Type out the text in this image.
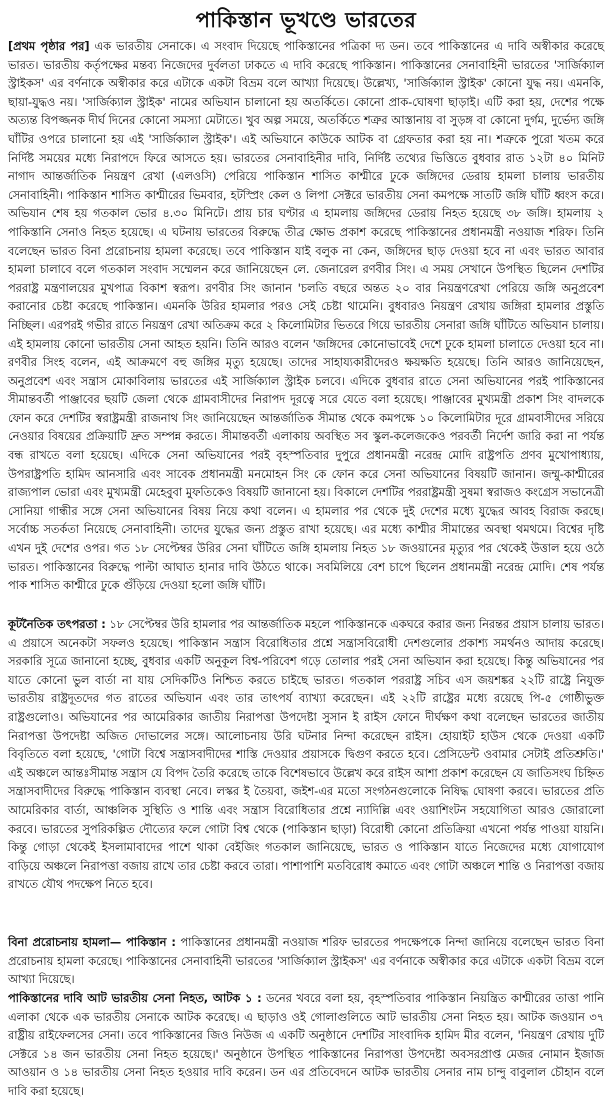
পাকিস্তান ভূখণ্ডে ভারতের

[প্রথম পৃষ্ঠার পর] এক ভারতীয় সেনাকে। এ সংবাদ দিয়েছে পাকিস্তানের পত্রিকা দ্য ডন। তবে পাকিস্তানের এ দাবি অস্বীকার করেছে ভারত। ভারতীয় কর্তৃপক্ষের মন্তব্য নিজেদের দুর্বলতা ঢাকতে এ দাবি করেছে পাকিস্তান। পাকিস্তানের সেনাবাহিনী ভারতের 'সার্জিক্যাল স্ট্রাইকস' এর বর্ণনাকে অস্বীকার করে এটাকে একটা বিভ্রম বলে আখ্যা দিয়েছে। উল্লেখ্য, 'সার্জিক্যাল স্ট্রাইক' কোনো যুদ্ধ নয়। এমনকি, ছায়া-যুদ্ধও নয়। 'সার্জিক্যাল স্ট্রাইক' নামের অভিযান চালানো হয় অতর্কিতে। কোনো প্রাক-ঘোষণা ছাড়াই। এটি করা হয়, দেশের পক্ষে অত্যন্ত বিপজ্জনক দীর্ঘ দিনের কোনো সমস্যা মেটাতে। খুব অল্প সময়ে, অতর্কিতে শত্রুর আস্তানায় বা সুড়ঙ্গ বা কোনো দুর্গম, দুর্ভেদ্য জঙ্গি ঘাঁটির ওপরে চালানো হয় এই 'সার্জিক্যাল স্ট্রাইক'। এই অভিযানে কাউকে আটক বা গ্রেফতার করা হয় না। শত্রুকে পুরো খতম করে নির্দিষ্ট সময়ের মধ্যে নিরাপদে ফিরে আসতে হয়। ভারতের সেনাবাহিনীর দাবি, নির্দিষ্ট তথ্যের ভিত্তিতে বুধবার রাত ১২টা ৪০ মিনিট নাগাদ আন্তর্জাতিক নিয়ন্ত্রণ রেখা (এলওসি) পেরিয়ে পাকিস্তান শাসিত কাশ্মীরে ঢুকে জঙ্গিদের ডেরায় হামলা চালায় ভারতীয় সেনাবাহিনী। পাকিস্তান শাসিত কাশ্মীরের ভিমবার, হটস্প্রিং কেল ও লিপা সেক্টরে ভারতীয় সেনা কমপক্ষে সাতটি জঙ্গি ঘাঁটি ধ্বংস করে। অভিযান শেষ হয় গতকাল ভোর ৪.৩০ মিনিটে। প্রায় চার ঘণ্টার এ হামলায় জঙ্গিদের ডেরায় নিহত হয়েছে ৩৮ জঙ্গি। হামলায় ২ পাকিস্তানি সেনাও নিহত হয়েছে। এ ঘটনায় ভারতের বিরুদ্ধে তীব্র ক্ষোভ প্রকাশ করেছে পাকিস্তানের প্রধানমন্ত্রী নওয়াজ শরিফ। তিনি বলেছেন ভারত বিনা প্ররোচনায় হামলা করেছে। তবে পাকিস্তান যাই বলুক না কেন, জঙ্গিদের ছাড় দেওয়া হবে না এবং ভারত আবার হামলা চালাবে বলে গতকাল সংবাদ সম্মেলন করে জানিয়েছেন লে. জেনারেল রণবীর সিং। এ সময় সেখানে উপস্থিত ছিলেন দেশটির পররাষ্ট্র মন্ত্রণালয়ের মুখপাত্র বিকাশ স্বরূপ। রণবীর সিং জানান 'চলতি বছরে অন্তত ২০ বার নিয়ন্ত্রণরেখা পেরিয়ে জঙ্গি অনুপ্রবেশ করানোর চেষ্টা করেছে পাকিস্তান। এমনকি উরির হামলার পরও সেই চেষ্টা থামেনি। বুধবারও নিয়ন্ত্রণ রেখায় জঙ্গিরা হামলার প্রস্তুতি নিচ্ছিল। এরপরই গভীর রাতে নিয়ন্ত্রণ রেখা অতিক্রম করে ২ কিলোমিটার ভিতরে গিয়ে ভারতীয় সেনারা জঙ্গি ঘাঁটিতে অভিযান চালায়। এই হামলায় কোনো ভারতীয় সেনা আহত হয়নি। তিনি আরও বলেন 'জঙ্গিদের কোনোভাবেই দেশে ঢুকে হামলা চালাতে দেওয়া হবে না। রণবীর সিংহ বলেন, এই আক্রমণে বহু জঙ্গির মৃত্যু হয়েছে। তাদের সাহায্যকারীদেরও ক্ষয়ক্ষতি হয়েছে। তিনি আরও জানিয়েছেন, অনুপ্রবেশ এবং সন্ত্রাস মোকাবিলায় ভারতের এই সার্জিক্যাল স্ট্রাইক চলবে। এদিকে বুধবার রাতে সেনা অভিযানের পরই পাকিস্তানের সীমান্তবর্তী পাঞ্জাবের ছয়টি জেলা থেকে গ্রামবাসীদের নিরাপদ দূরত্বে সরে যেতে বলা হয়েছে। পাঞ্জাবের মুখ্যমন্ত্রী প্রকাশ সিং বাদলকে ফোন করে দেশটির স্বরাষ্ট্রমন্ত্রী রাজনাথ সিং জানিয়েছেন আন্তর্জাতিক সীমান্ত থেকে কমপক্ষে ১০ কিলোমিটার দূরে গ্রামবাসীদের সরিয়ে নেওয়ার বিষয়ের প্রক্রিয়াটি দ্রুত সম্পন্ন করতে। সীমান্তবর্তী এলাকায় অবস্থিত সব স্কুল-কলেজকেও পরবর্তী নির্দেশ জারি করা না পর্যন্ত বন্ধ রাখতে বলা হয়েছে। এদিকে সেনা অভিযানের পরই বৃহস্পতিবার দুপুরে প্রধানমন্ত্রী নরেন্দ্র মোদি রাষ্ট্রপতি প্রণব মুখোপাধ্যায়, উপরাষ্ট্রপতি হামিদ আনসারি এবং সাবেক প্রধানমন্ত্রী মনমোহন সিং কে ফোন করে সেনা অভিযানের বিষয়টি জানান। জম্মু-কাশ্মীরের রাজ্যপাল ভোরা এবং মুখ্যমন্ত্রী মেহেবুবা মুফতিকেও বিষয়টি জানানো হয়। বিকালে দেশটির পররাষ্ট্রমন্ত্রী সুষমা স্বরাজও কংগ্রেস সভানেত্রী সোনিয়া গান্ধীর সঙ্গে সেনা অভিযানের বিষয় নিয়ে কথা বলেন। এ হামলার পর থেকে দুই দেশের মধ্যে যুদ্ধের আবহ বিরাজ করছে। সর্বোচ্চ সতর্কতা নিয়েছে সেনাবাহিনী। তাদের যুদ্ধের জন্য প্রস্তুত রাখা হয়েছে। এর মধ্যে কাশ্মীর সীমান্তের অবস্থা থমথমে। বিশ্বের দৃষ্টি এখন দুই দেশের ওপর। গত ১৮ সেপ্টেম্বর উরির সেনা ঘাঁটিতে জঙ্গি হামলায় নিহত ১৮ জওয়ানের মৃত্যুর পর থেকেই উত্তাল হয়ে ওঠে ভারত। পাকিস্তানের বিরুদ্ধে পাল্টা আঘাত হানার দাবি উঠতে থাকে। সবমিলিয়ে বেশ চাপে ছিলেন প্রধানমন্ত্রী নরেন্দ্র মোদি। শেষ পর্যন্ত পাক শাসিত কাশ্মীরে ঢুকে গুঁড়িয়ে দেওয়া হলো জঙ্গি ঘাঁটি।

কূটনৈতিক তৎপরতা : ১৮ সেপ্টেম্বর উরি হামলার পর আন্তর্জাতিক মহলে পাকিস্তানকে একঘরে করার জন্য নিরন্তর প্রয়াস চালায় ভারত। এ প্রয়াসে অনেকটা সফলও হয়েছে। পাকিস্তান সন্ত্রাস বিরোধিতার প্রশ্নে সন্ত্রাসবিরোধী দেশগুলোর প্রকাশ্য সমর্থনও আদায় করেছে। সরকারি সূত্রে জানানো হচ্ছে, বুধবার একটি অনুকূল বিশ্ব-পরিবেশ গড়ে তোলার পরই সেনা অভিযান করা হয়েছে। কিন্তু অভিযানের পর যাতে কোনো ভুল বার্তা না যায় সেদিকটিও নিশ্চিত করতে চাইছে ভারত। গতকাল পররাষ্ট্র সচিব এস জয়শঙ্কর ২২টি রাষ্ট্রে নিযুক্ত ভারতীয় রাষ্ট্রদূতদের গত রাতের অভিযান এবং তার তাৎপর্য ব্যাখ্যা করেছেন। এই ২২টি রাষ্ট্রের মধ্যে রয়েছে পি-৫ গোষ্ঠীভুক্ত রাষ্ট্রগুলোও। অভিযানের পর আমেরিকার জাতীয় নিরাপত্তা উপদেষ্টা সুসান ই রাইস ফোনে দীর্ঘক্ষণ কথা বলেছেন ভারতের জাতীয় নিরাপত্তা উপদেষ্টা অজিত দোভালের সঙ্গে। আলোচনায় উরি ঘটনার নিন্দা করেছেন রাইস। হোয়াইট হাউস থেকে দেওয়া একটি বিবৃতিতে বলা হয়েছে, 'গোটা বিশ্বে সন্ত্রাসবাদীদের শাস্তি দেওয়ার প্রয়াসকে দ্বিগুণ করতে হবে। প্রেসিডেন্ট ওবামার সেটাই প্রতিশ্রুতি।' এই অঞ্চলে আন্তঃসীমান্ত সন্ত্রাস যে বিপদ তৈরি করেছে তাকে বিশেষভাবে উল্লেখ করে রাইস আশা প্রকাশ করেছেন যে জাতিসংঘ চিহ্নিত সন্ত্রাসবাদীদের বিরুদ্ধে পাকিস্তান ব্যবস্থা নেবে। লস্কর ই তৈয়বা, জইশ-এর মতো সংগঠনগুলোকে নিষিদ্ধ ঘোষণা করবে। ভারতের প্রতি আমেরিকার বার্তা, আঞ্চলিক সুস্থিতি ও শান্তি এবং সন্ত্রাস বিরোধিতার প্রশ্নে ন্যাদিল্লি এবং ওয়াশিংটন সহযোগিতা আরও জোরালো করবে। ভারতের সুপরিকল্পিত দৌত্যের ফলে গোটা বিশ্ব থেকে (পাকিস্তান ছাড়া) বিরোধী কোনো প্রতিক্রিয়া এখনো পর্যন্ত পাওয়া যায়নি। কিন্তু গোড়া থেকেই ইসলামাবাদের পাশে থাকা বেইজিং গতকাল জানিয়েছে, ভারত ও পাকিস্তান যাতে নিজেদের মধ্যে যোগাযোগ বাড়িয়ে অঞ্চলে নিরাপত্তা বজায় রাখে তার চেষ্টা করবে তারা। পাশাপাশি মতবিরোধ কমাতে এবং গোটা অঞ্চলে শান্তি ও নিরাপত্তা বজায় রাখতে যৌথ পদক্ষেপ নিতে হবে।

বিনা প্ররোচনায় হামলা— পাকিস্তান : পাকিস্তানের প্রধানমন্ত্রী নওয়াজ শরিফ ভারতের পদক্ষেপকে নিন্দা জানিয়ে বলেছেন ভারত বিনা প্ররোচনায় হামলা করেছে। পাকিস্তানের সেনাবাহিনী ভারতের 'সার্জিক্যাল স্ট্রাইকস' এর বর্ণনাকে অস্বীকার করে এটাকে একটা বিভ্রম বলে আখ্যা দিয়েছে।

পাকিস্তানের দাবি আট ভারতীয় সেনা নিহত, আটক ১ : ডনের খবরে বলা হয়, বৃহস্পতিবার পাকিস্তান নিয়ন্ত্রিত কাশ্মীরের তাত্তা পানি এলাকা থেকে এক ভারতীয় সেনাকে আটক করেছে। এ ছাড়াও ওই গোলাগুলিতে আট ভারতীয় সেনা নিহত হয়। আটক জওয়ান ৩৭ রাষ্ট্রীয় রাইফেলসের সেনা। তবে পাকিস্তানের জিও নিউজ এ একটি অনুষ্ঠানে দেশটির সাংবাদিক হামিদ মীর বলেন, 'নিয়ন্ত্রণ রেখায় দুটি সেক্টরে ১৪ জন ভারতীয় সেনা নিহত হয়েছে।' অনুষ্ঠানে উপস্থিত পাকিস্তানের নিরাপত্তা উপদেষ্টা অবসরপ্রাপ্ত মেজর নোমান ইজাজ আওয়ান ও ১৪ ভারতীয় সেনা নিহত হওয়ার দাবি করেন। ডন এর প্রতিবেদনে আটক ভারতীয় সেনার নাম চান্দু বাবুলাল চৌহান বলে দাবি করা হয়েছে।
